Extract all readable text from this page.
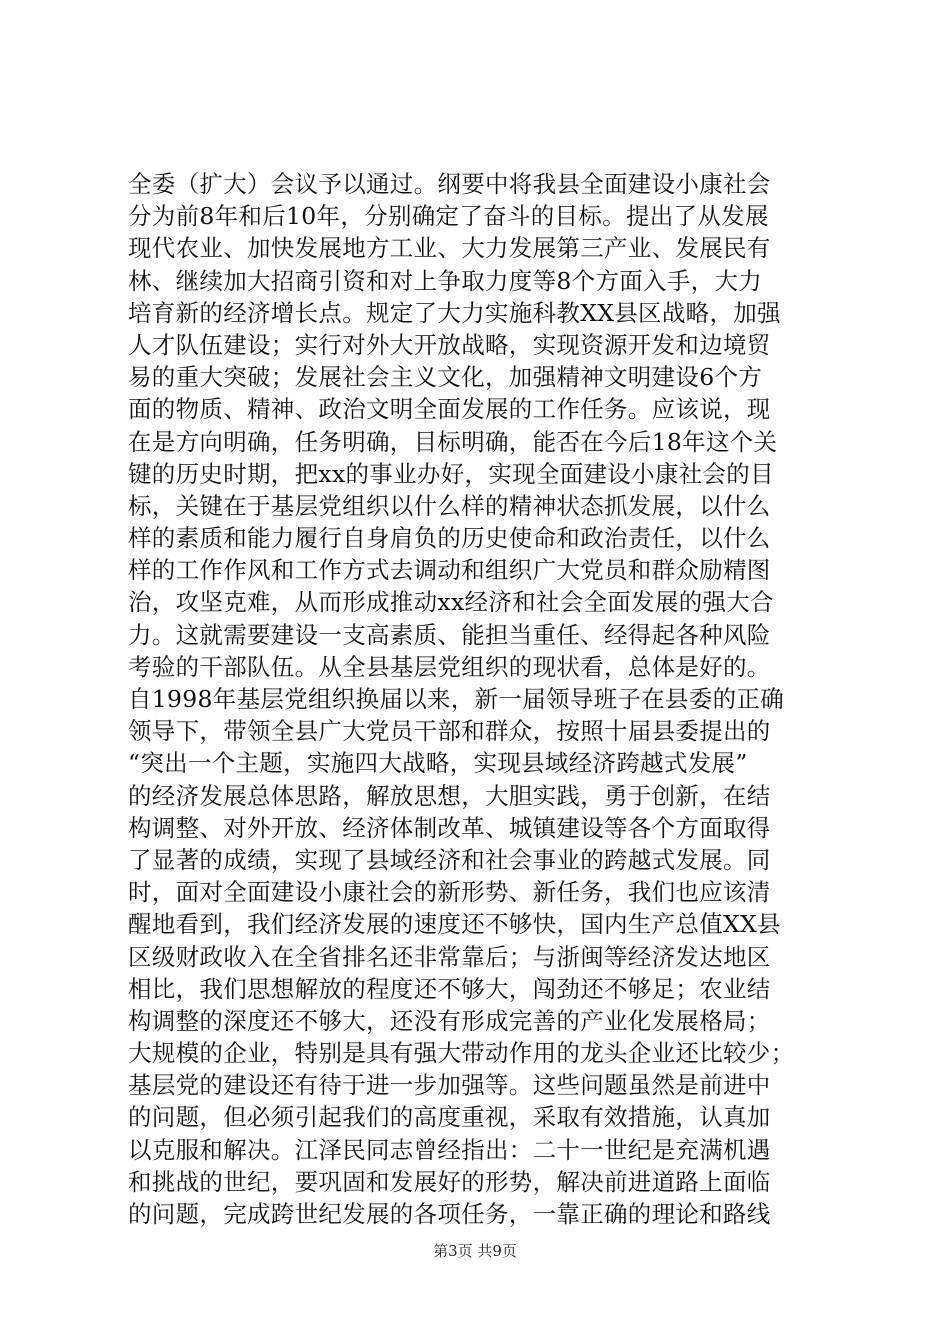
全委（扩大）会议予以通过。纲要中将我县全面建设小康社会
分为前8年和后10年，分别确定了奋斗的目标。提出了从发展
现代农业、加快发展地方工业、大力发展第三产业、发展民有
林、继续加大招商引资和对上争取力度等8个方面入手，大力
培育新的经济增长点。规定了大力实施科教XX县区战略，加强
人才队伍建设；实行对外大开放战略，实现资源开发和边境贸
易的重大突破；发展社会主义文化，加强精神文明建设6个方
面的物质、精神、政治文明全面发展的工作任务。应该说，现
在是方向明确，任务明确，目标明确，能否在今后18年这个关
键的历史时期，把xx的事业办好，实现全面建设小康社会的目
标，关键在于基层党组织以什么样的精神状态抓发展，以什么
样的素质和能力履行自身肩负的历史使命和政治责任，以什么
样的工作作风和工作方式去调动和组织广大党员和群众励精图
治，攻坚克难，从而形成推动xx经济和社会全面发展的强大合
力。这就需要建设一支高素质、能担当重任、经得起各种风险
考验的干部队伍。从全县基层党组织的现状看，总体是好的。
自1998年基层党组织换届以来，新一届领导班子在县委的正确
领导下，带领全县广大党员干部和群众，按照十届县委提出的
“突出一个主题，实施四大战略，实现县域经济跨越式发展”
的经济发展总体思路，解放思想，大胆实践，勇于创新，在结
构调整、对外开放、经济体制改革、城镇建设等各个方面取得
了显著的成绩，实现了县域经济和社会事业的跨越式发展。同
时，面对全面建设小康社会的新形势、新任务，我们也应该清
醒地看到，我们经济发展的速度还不够快，国内生产总值XX县
区级财政收入在全省排名还非常靠后；与浙闽等经济发达地区
相比，我们思想解放的程度还不够大，闯劲还不够足；农业结
构调整的深度还不够大，还没有形成完善的产业化发展格局；
大规模的企业，特别是具有强大带动作用的龙头企业还比较少；
基层党的建设还有待于进一步加强等。这些问题虽然是前进中
的问题，但必须引起我们的高度重视，采取有效措施，认真加
以克服和解决。江泽民同志曾经指出：二十一世纪是充满机遇
和挑战的世纪，要巩固和发展好的形势，解决前进道路上面临
的问题，完成跨世纪发展的各项任务，一靠正确的理论和路线
第3页 共9页
